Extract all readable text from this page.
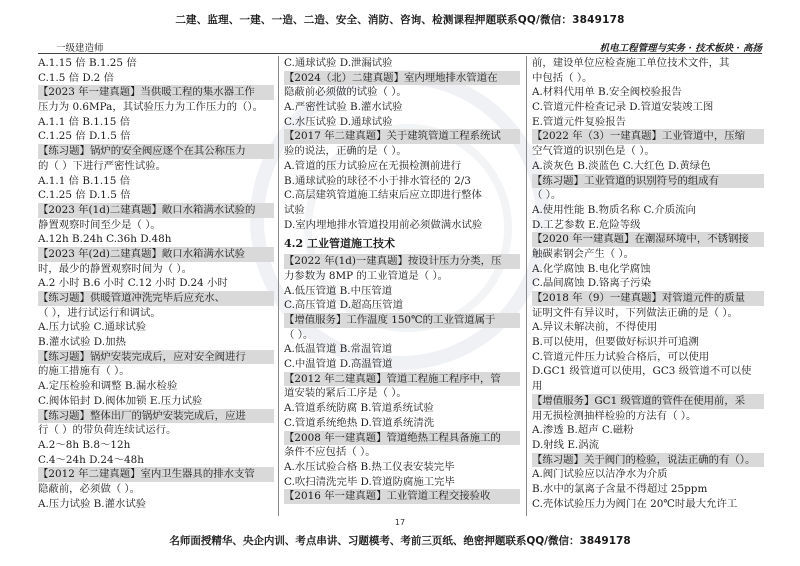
二建、监理、一建、一造、二造、安全、消防、咨询、检测课程押题联系QQ/微信：3849178
一级建造师	机电工程管理与实务 · 技术板块 · 高扬
A.1.15 倍 B.1.25 倍
C.1.5 倍 D.2 倍
【2023 年一建真题】当供暖工程的集水器工作
压力为 0.6MPa，其试验压力为工作压力的（）。
A.1.1 倍 B.1.15 倍
C.1.25 倍 D.1.5 倍
【练习题】锅炉的安全阀应逐个在其公称压力
的（ ）下进行严密性试验。
A.1.1 倍 B.1.15 倍
C.1.25 倍 D.1.5 倍
【2023 年(1d)二建真题】敞口水箱满水试验的
静置观察时间至少是（ ）。
A.12h B.24h C.36h D.48h
【2023 年(2d)二建真题】敞口水箱满水试验
时，最少的静置观察时间为（ ）。
A.2 小时 B.6 小时 C.12 小时 D.24 小时
【练习题】供暖管道冲洗完毕后应充水、
（ ），进行试运行和调试。
A.压力试验 C.通球试验
B.灌水试验 D.加热
【练习题】锅炉安装完成后，应对安全阀进行
的施工措施有（ ）。
A.定压检验和调整 B.漏水检验
C.阀体铅封 D.阀体加锁 E.压力试验
【练习题】整体出厂的锅炉安装完成后，应进
行（ ）的带负荷连续试运行。
A.2～8h B.8～12h
C.4～24h D.24～48h
【2012 年二建真题】室内卫生器具的排水支管
隐蔽前，必须做（ ）。
A.压力试验 B.灌水试验
C.通球试验 D.泄漏试验
【2024（北）二建真题】室内埋地排水管道在
隐蔽前必须做的试验（ ）。
A.严密性试验 B.灌水试验
C.水压试验 D.通球试验
【2017 年二建真题】关于建筑管道工程系统试
验的说法，正确的是（ ）。
A.管道的压力试验应在无损检测前进行
B.通球试验的球径不小于排水管径的 2/3
C.高层建筑管道施工结束后应立即进行整体
试验
D.室内埋地排水管道投用前必须做满水试验
4.2 工业管道施工技术
【2022 年(1d)一建真题】按设计压力分类，压
力参数为 8MP 的工业管道是（ ）。
A.低压管道 B.中压管道
C.高压管道 D.超高压管道
【增值服务】工作温度 150℃的工业管道属于
（ ）。
A.低温管道 B.常温管道
C.中温管道 D.高温管道
【2012 年二建真题】管道工程施工程序中，管
道安装的紧后工序是（ ）。
A.管道系统防腐 B.管道系统试验
C.管道系统绝热 D.管道系统清洗
【2008 年一建真题】管道绝热工程具备施工的
条件不应包括（ ）。
A.水压试验合格 B.热工仪表安装完毕
C.吹扫清洗完毕 D.管道防腐施工完毕
【2016 年一建真题】工业管道工程交接验收
前，建设单位应检查施工单位技术文件，其
中包括（ ）。
A.材料代用单 B.安全阀校验报告
C.管道元件检查记录 D.管道安装竣工图
E.管道元件复验报告
【2022 年（3）一建真题】工业管道中，压缩
空气管道的识别色是（ ）。
A.淡灰色 B.淡蓝色 C.大红色 D.黄绿色
【练习题】工业管道的识别符号的组成有
（ ）。
A.使用性能 B.物质名称 C.介质流向
D.工艺参数 E.危险等级
【2020 年一建真题】在潮湿环境中，不锈钢接
触碳素钢会产生（ ）。
A.化学腐蚀 B.电化学腐蚀
C.晶间腐蚀 D.铬离子污染
【2018 年（9）一建真题】对管道元件的质量
证明文件有异议时，下列做法正确的是（ ）。
A.异议未解决前，不得使用
B.可以使用，但要做好标识并可追溯
C.管道元件压力试验合格后，可以使用
D.GC1 级管道可以使用，GC3 级管道不可以使
用
【增值服务】GC1 级管道的管件在使用前，采
用无损检测抽样检验的方法有（ ）。
A.渗透 B.超声 C.磁粉
D.射线 E.涡流
【练习题】关于阀门的检验，说法正确的有（）。
A.阀门试验应以洁净水为介质
B.水中的氯离子含量不得超过 25ppm
C.壳体试验压力为阀门在 20℃时最大允许工
17
名师面授精华、央企内训、考点串讲、习题模考、考前三页纸、绝密押题联系QQ/微信：3849178
